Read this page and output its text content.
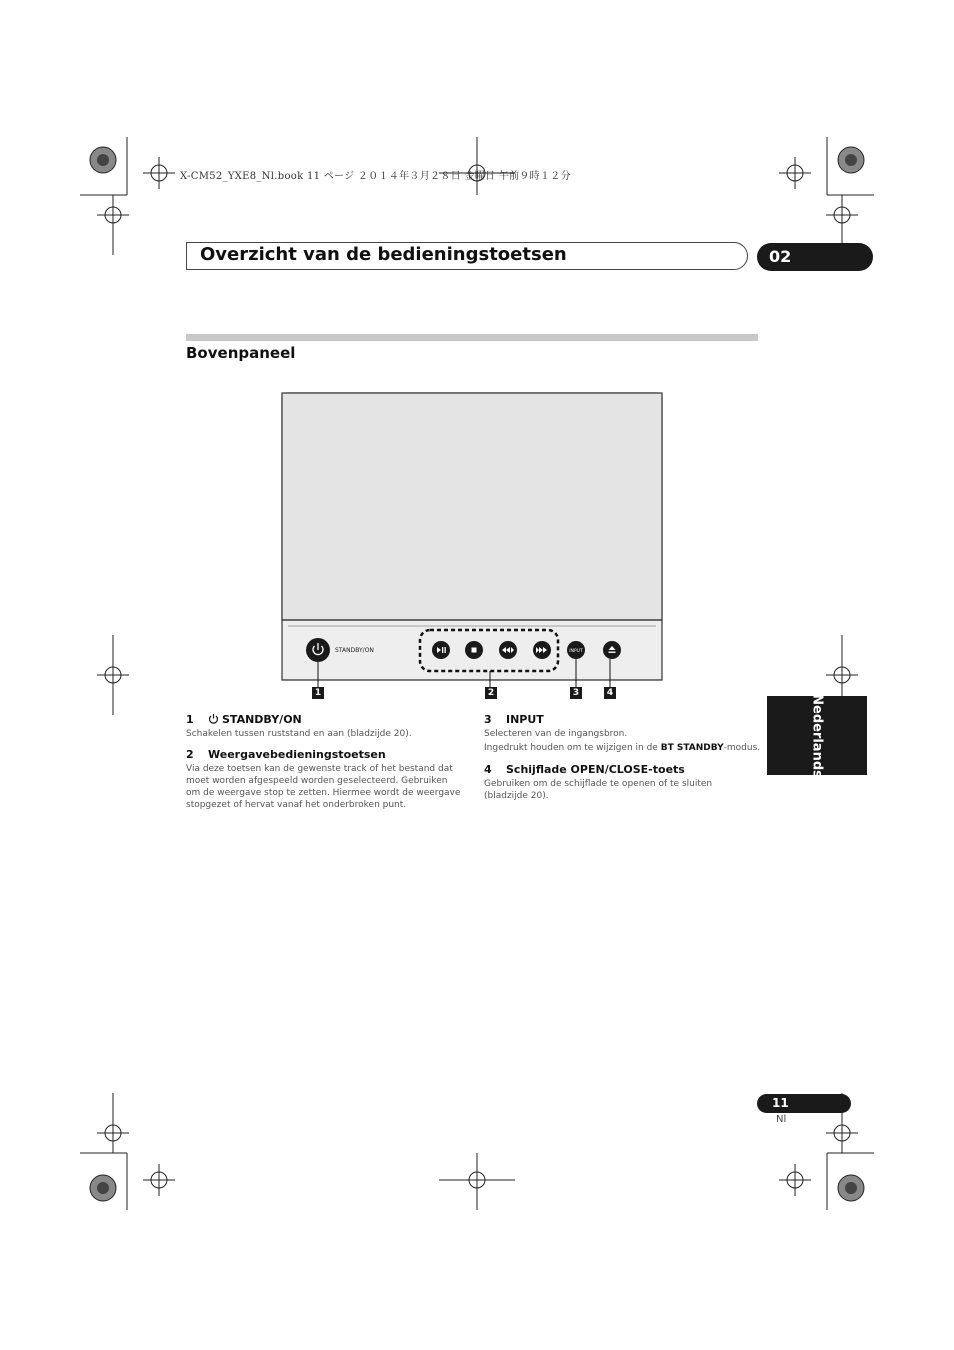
X-CM52_YXE8_Nl.book 11 ページ ２０１４年３月２８日 金曜日 午前９時１２分
Overzicht van de bedieningstoetsen	02
Bovenpaneel
STANDBY/ON	INPUT
1	2	3	4
1	STANDBY/ON
Schakelen tussen ruststand en aan (bladzijde 20).
2 Weergavebedieningstoetsen
Via deze toetsen kan de gewenste track of het bestand dat moet worden afgespeeld worden geselecteerd. Gebruiken om de weergave stop te zetten. Hiermee wordt de weergave stopgezet of hervat vanaf het onderbroken punt.
3 INPUT
Selecteren van de ingangsbron.
Ingedrukt houden om te wijzigen in de BT STANDBY-modus.
4 Schijflade OPEN/CLOSE-toets
Gebruiken om de schijflade te openen of te sluiten (bladzijde 20).
Nederlands
11
Nl
